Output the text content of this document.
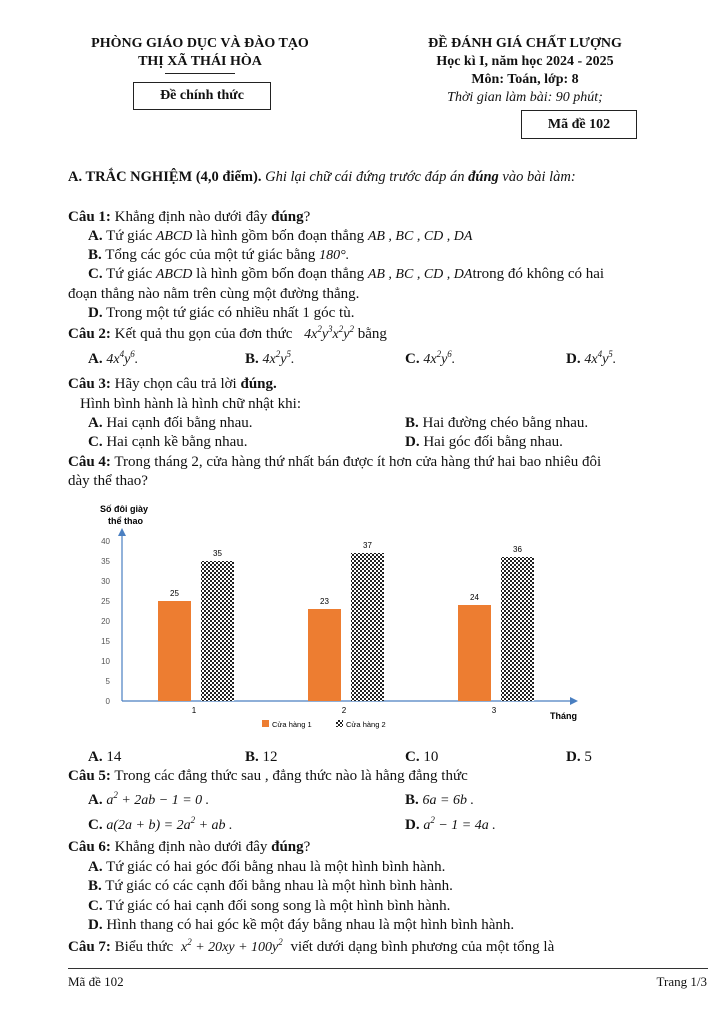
PHÒNG GIÁO DỤC VÀ ĐÀO TẠO
THỊ XÃ THÁI HÒA
Đề chính thức
ĐỀ ĐÁNH GIÁ CHẤT LƯỢNG
Học kì I, năm học 2024 - 2025
Môn: Toán, lớp: 8
Thời gian làm bài: 90 phút;
Mã đề 102
A. TRẮC NGHIỆM (4,0 điểm). Ghi lại chữ cái đứng trước đáp án đúng vào bài làm:
Câu 1: Khẳng định nào dưới đây đúng?
A. Tứ giác ABCD là hình gồm bốn đoạn thẳng AB , BC , CD , DA
B. Tổng các góc của một tứ giác bằng 180°.
C. Tứ giác ABCD là hình gồm bốn đoạn thẳng AB , BC , CD , DAtrong đó không có hai
đoạn thẳng nào nằm trên cùng một đường thẳng.
D. Trong một tứ giác có nhiều nhất 1 góc tù.
Câu 2: Kết quả thu gọn của đơn thức $4x^2y^3x^2y^2$ bằng
A. $4x^4y^6$.	B. $4x^2y^5$.	C. $4x^2y^6$.	D. $4x^4y^5$.
Câu 3: Hãy chọn câu trả lời đúng.
Hình bình hành là hình chữ nhật khi:
A. Hai cạnh đối bằng nhau.	B. Hai đường chéo bằng nhau.
C. Hai cạnh kề bằng nhau.	D. Hai góc đối bằng nhau.
Câu 4: Trong tháng 2, cửa hàng thứ nhất bán được ít hơn cửa hàng thứ hai bao nhiêu đôi
dày thể thao?
Số đôi giày
thể thao
0
5
10
15
20
25
30
35
40
25
35
23
37
24
36
1	2	3
Tháng
Cửa hàng 1	Cửa hàng 2
A. 14	B. 12	C. 10	D. 5
Câu 5: Trong các đẳng thức sau , đẳng thức nào là hằng đẳng thức
A. $a^2 + 2ab - 1 = 0$ .	B. 6a = 6b .
C. $a(2a + b) = 2a^2$ + ab .	D. $a^2 - 1 = 4a$ .
Câu 6: Khẳng định nào dưới đây đúng?
A. Tứ giác có hai góc đối bằng nhau là một hình bình hành.
B. Tứ giác có các cạnh đối bằng nhau là một hình bình hành.
C. Tứ giác có hai cạnh đối song song là một hình bình hành.
D. Hình thang có hai góc kề một đáy bằng nhau là một hình bình hành.
Câu 7: Biểu thức $x^2 + 20xy + 100y^2$ viết dưới dạng bình phương của một tổng là
Mã đề 102	Trang 1/3
